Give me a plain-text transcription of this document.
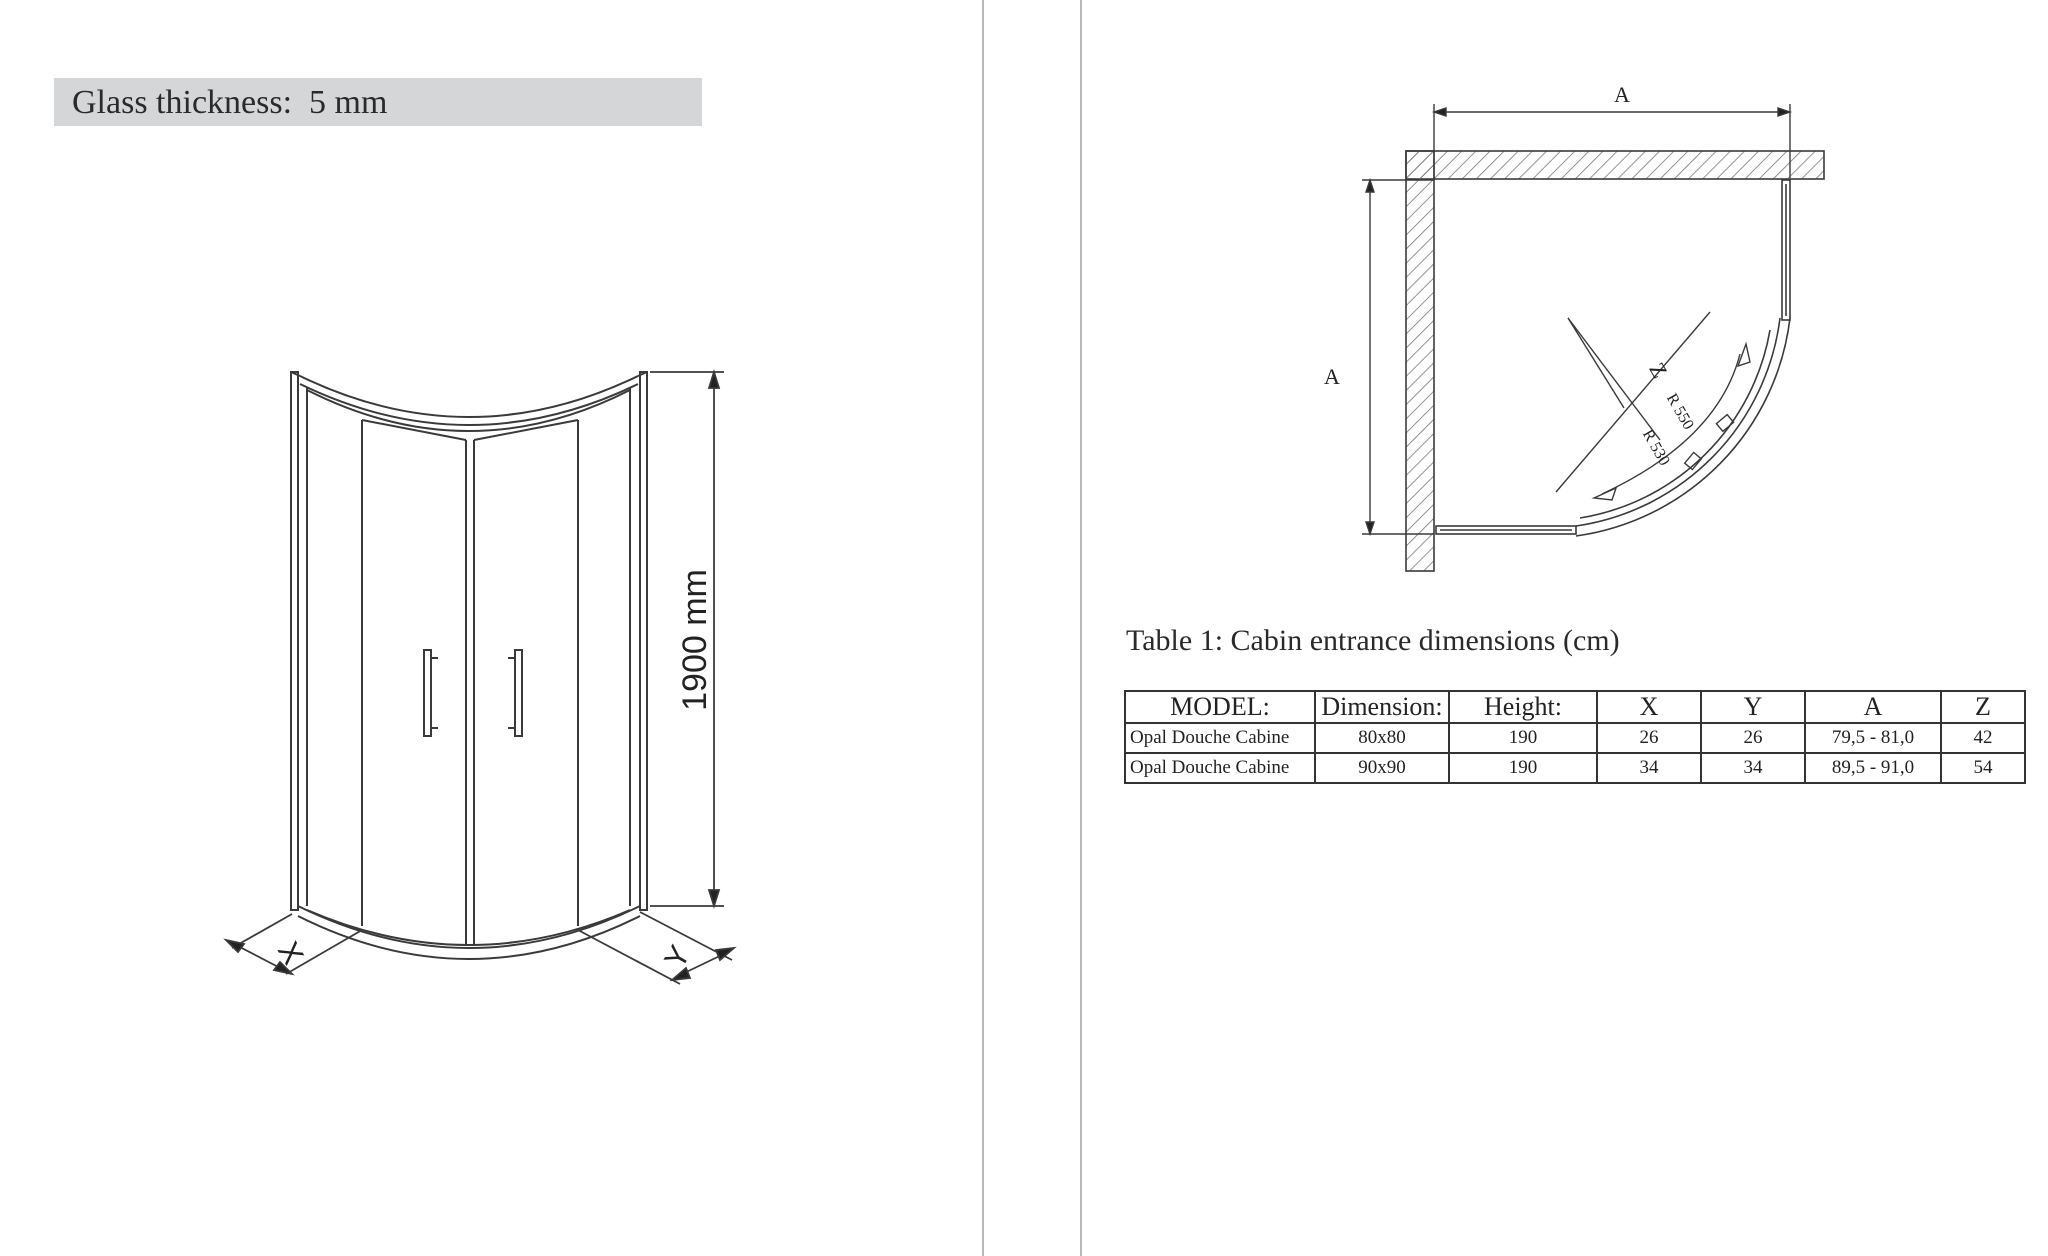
Glass thickness: 5 mm
1900 mm
X	Y
A
A	Z
R 550
R 530
Table 1: Cabin entrance dimensions (cm)
MODEL:	Dimension:	Height:	X	Y	A	Z
Opal Douche Cabine	80x80	190	26	26	79,5 - 81,0	42
Opal Douche Cabine	90x90	190	34	34	89,5 - 91,0	54
